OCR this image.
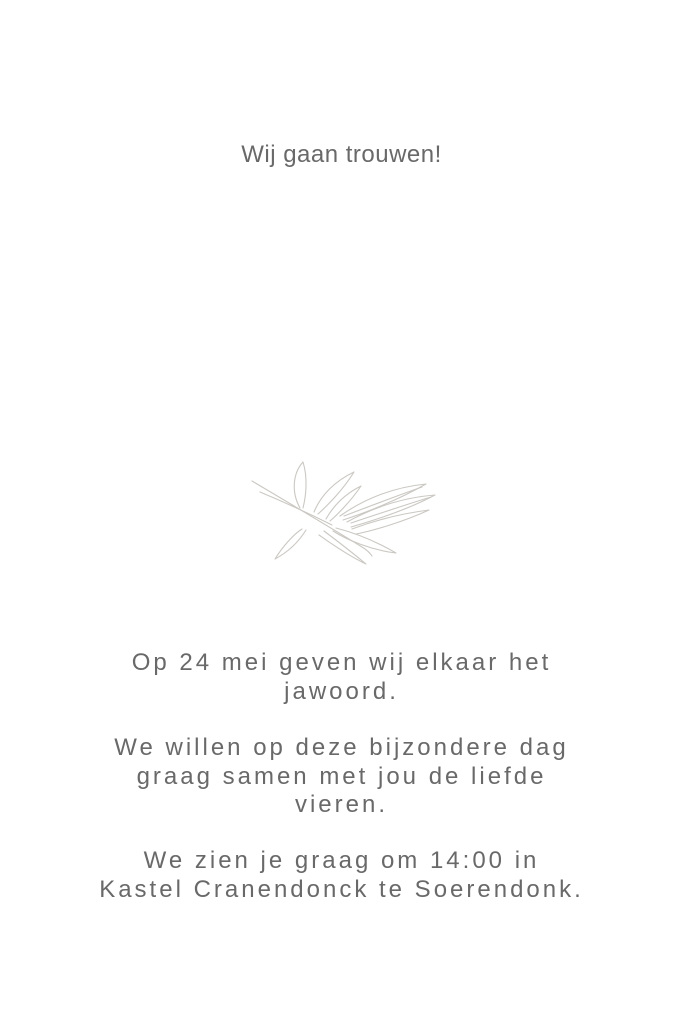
Wij gaan trouwen!

Op 24 mei geven wij elkaar het
jawoord.

We willen op deze bijzondere dag
graag samen met jou de liefde
vieren.

We zien je graag om 14:00 in
Kastel Cranendonck te Soerendonk.
